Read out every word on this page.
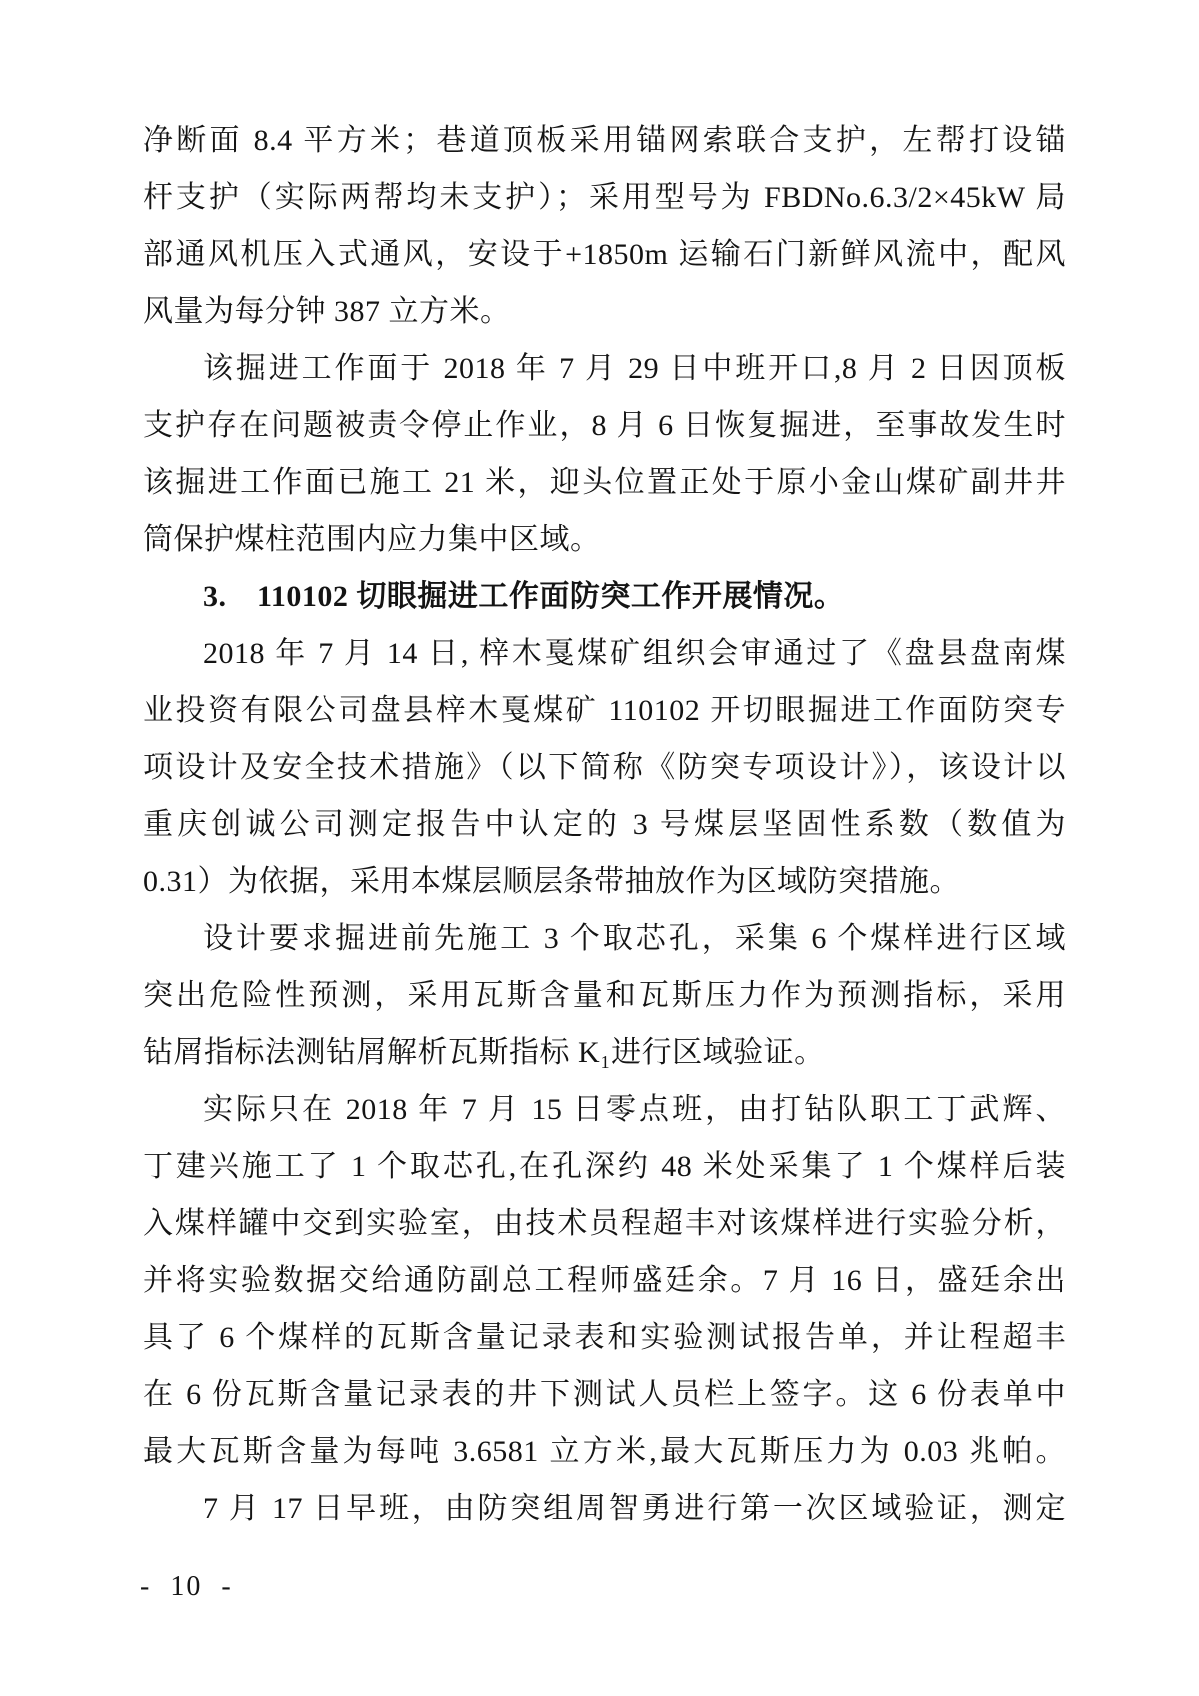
净断面 8.4 平方米；巷道顶板采用锚网索联合支护，左帮打设锚
杆支护（实际两帮均未支护）；采用型号为 FBDNo.6.3/2×45kW 局
部通风机压入式通风，安设于+1850m 运输石门新鲜风流中，配风
风量为每分钟 387 立方米。
该掘进工作面于 2018 年 7 月 29 日中班开口,8 月 2 日因顶板
支护存在问题被责令停止作业，8 月 6 日恢复掘进，至事故发生时
该掘进工作面已施工 21 米，迎头位置正处于原小金山煤矿副井井
筒保护煤柱范围内应力集中区域。
3.　110102 切眼掘进工作面防突工作开展情况。
2018 年 7 月 14 日, 梓木戛煤矿组织会审通过了《盘县盘南煤
业投资有限公司盘县梓木戛煤矿 110102 开切眼掘进工作面防突专
项设计及安全技术措施》（以下简称《防突专项设计》），该设计以
重庆创诚公司测定报告中认定的 3 号煤层坚固性系数（数值为
0.31）为依据，采用本煤层顺层条带抽放作为区域防突措施。
设计要求掘进前先施工 3 个取芯孔，采集 6 个煤样进行区域
突出危险性预测，采用瓦斯含量和瓦斯压力作为预测指标，采用
钻屑指标法测钻屑解析瓦斯指标 K₁进行区域验证。
实际只在 2018 年 7 月 15 日零点班，由打钻队职工丁武辉、
丁建兴施工了 1 个取芯孔,在孔深约 48 米处采集了 1 个煤样后装
入煤样罐中交到实验室，由技术员程超丰对该煤样进行实验分析，
并将实验数据交给通防副总工程师盛廷余。7 月 16 日，盛廷余出
具了 6 个煤样的瓦斯含量记录表和实验测试报告单，并让程超丰
在 6 份瓦斯含量记录表的井下测试人员栏上签字。这 6 份表单中
最大瓦斯含量为每吨 3.6581 立方米,最大瓦斯压力为 0.03 兆帕。
7 月 17 日早班，由防突组周智勇进行第一次区域验证，测定
- 10 -
